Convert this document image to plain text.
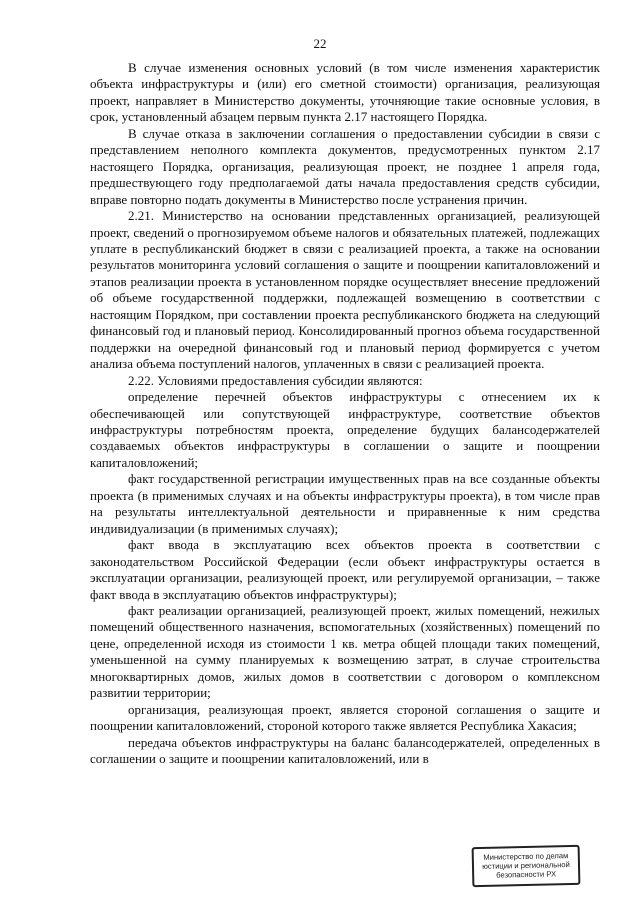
22

В случае изменения основных условий (в том числе изменения характеристик объекта инфраструктуры и (или) его сметной стоимости) организация, реализующая проект, направляет в Министерство документы, уточняющие такие основные условия, в срок, установленный абзацем первым пункта 2.17 настоящего Порядка.

В случае отказа в заключении соглашения о предоставлении субсидии в связи с представлением неполного комплекта документов, предусмотренных пунктом 2.17 настоящего Порядка, организация, реализующая проект, не позднее 1 апреля года, предшествующего году предполагаемой даты начала предоставления средств субсидии, вправе повторно подать документы в Министерство после устранения причин.

2.21. Министерство на основании представленных организацией, реализующей проект, сведений о прогнозируемом объеме налогов и обязательных платежей, подлежащих уплате в республиканский бюджет в связи с реализацией проекта, а также на основании результатов мониторинга условий соглашения о защите и поощрении капиталовложений и этапов реализации проекта в установленном порядке осуществляет внесение предложений об объеме государственной поддержки, подлежащей возмещению в соответствии с настоящим Порядком, при составлении проекта республиканского бюджета на следующий финансовый год и плановый период. Консолидированный прогноз объема государственной поддержки на очередной финансовый год и плановый период формируется с учетом анализа объема поступлений налогов, уплаченных в связи с реализацией проекта.

2.22. Условиями предоставления субсидии являются:

определение перечней объектов инфраструктуры с отнесением их к обеспечивающей или сопутствующей инфраструктуре, соответствие объектов инфраструктуры потребностям проекта, определение будущих балансодержателей создаваемых объектов инфраструктуры в соглашении о защите и поощрении капиталовложений;

факт государственной регистрации имущественных прав на все созданные объекты проекта (в применимых случаях и на объекты инфраструктуры проекта), в том числе прав на результаты интеллектуальной деятельности и приравненные к ним средства индивидуализации (в применимых случаях);

факт ввода в эксплуатацию всех объектов проекта в соответствии с законодательством Российской Федерации (если объект инфраструктуры остается в эксплуатации организации, реализующей проект, или регулируемой организации, – также факт ввода в эксплуатацию объектов инфраструктуры);

факт реализации организацией, реализующей проект, жилых помещений, нежилых помещений общественного назначения, вспомогательных (хозяйственных) помещений по цене, определенной исходя из стоимости 1 кв. метра общей площади таких помещений, уменьшенной на сумму планируемых к возмещению затрат, в случае строительства многоквартирных домов, жилых домов в соответствии с договором о комплексном развитии территории;

организация, реализующая проект, является стороной соглашения о защите и поощрении капиталовложений, стороной которого также является Республика Хакасия;

передача объектов инфраструктуры на баланс балансодержателей, определенных в соглашении о защите и поощрении капиталовложений, или в

Министерство по делам
юстиции и региональной
безопасности РХ
